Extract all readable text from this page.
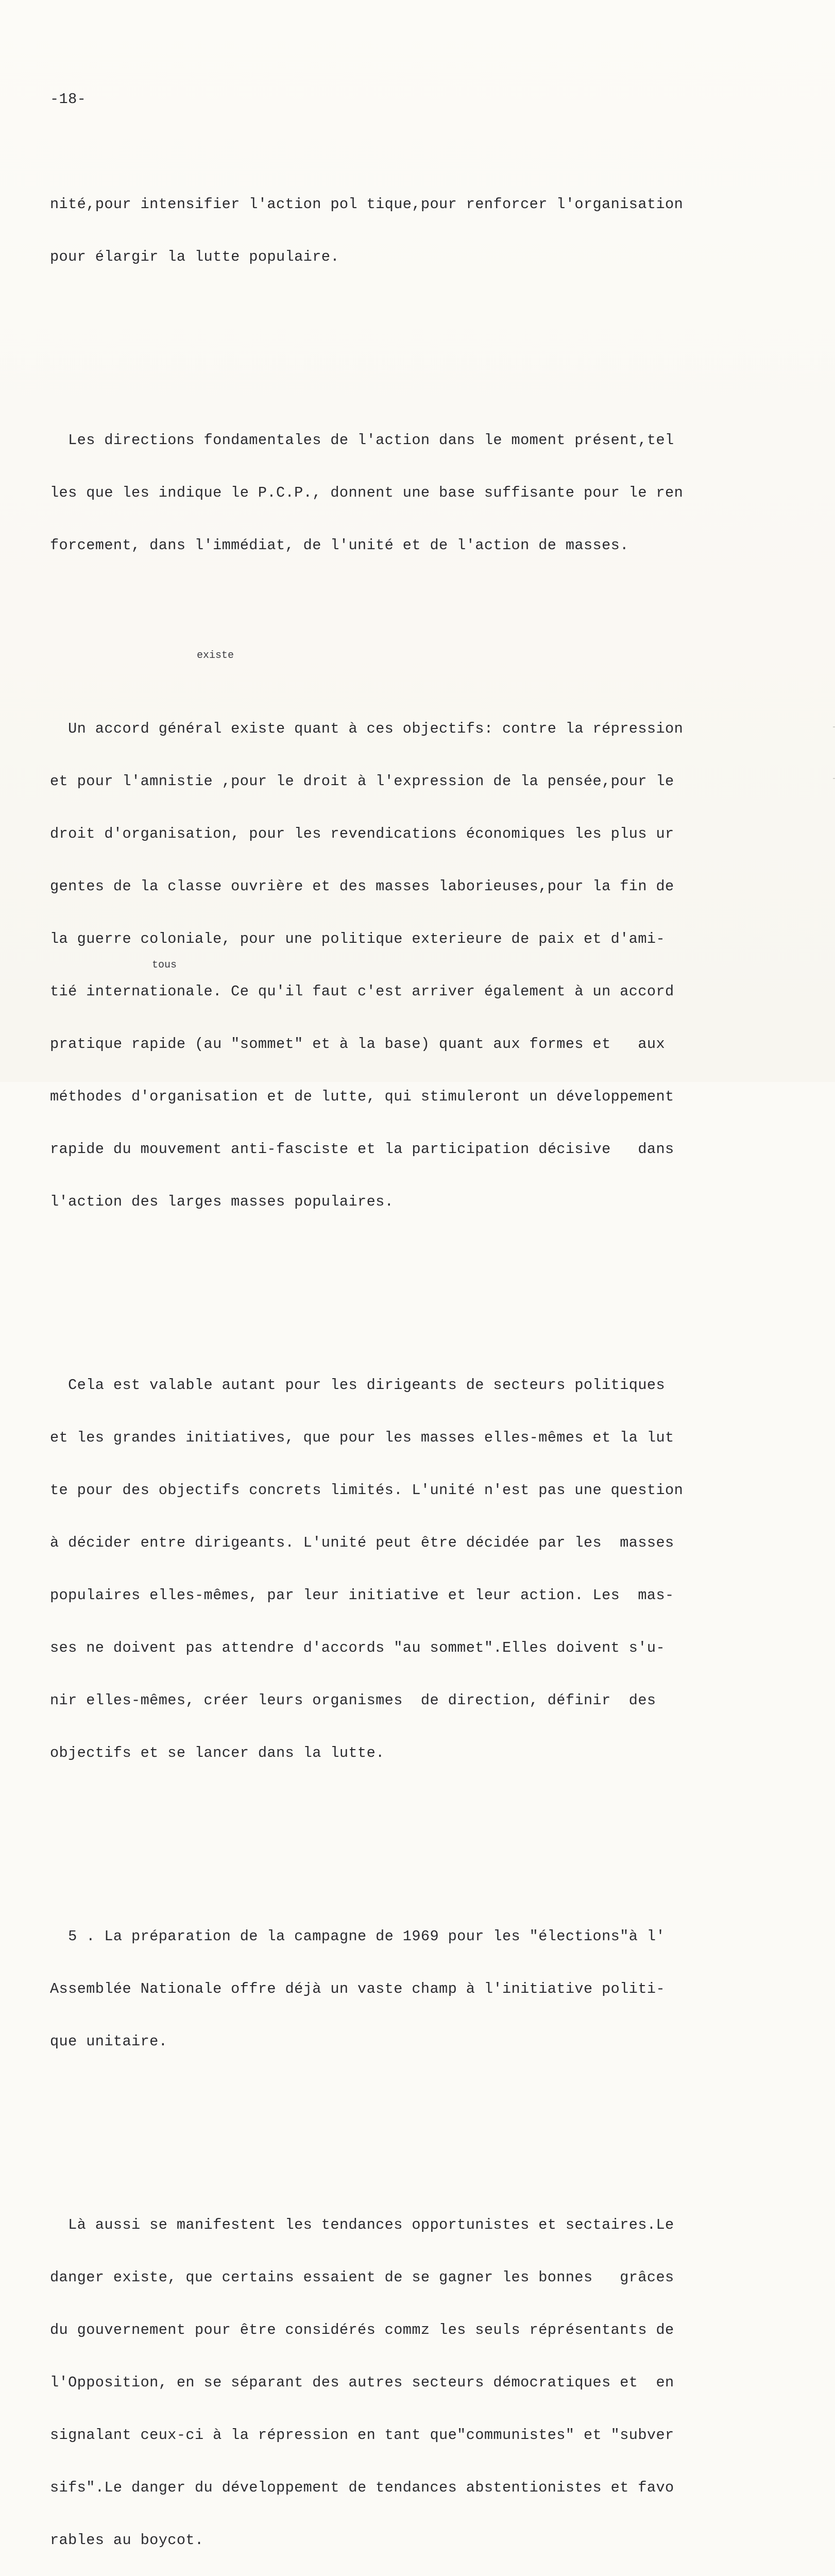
-18-

nité,pour intensifier l'action pol tique,pour renforcer l'organisation

pour élargir la lutte populaire.

Les directions fondamentales de l'action dans le moment présent,tel

les que les indique le P.C.P., donnent une base suffisante pour le ren

forcement, dans l'immédiat, de l'unité et de l'action de masses.

Un accord général existe quant à ces objectifs: contre la répression

et pour l'amnistie ,pour le droit à l'expression de la pensée,pour le

droit d'organisation, pour les revendications économiques les plus ur

gentes de la classe ouvrière et des masses laborieuses,pour la fin de

la guerre coloniale, pour une politique exterieure de paix et d'ami-

tié internationale. Ce qu'il faut c'est arriver également à un accord

pratique rapide (au "sommet" et à la base) quant aux formes et   aux

méthodes d'organisation et de lutte, qui stimuleront un développement

rapide du mouvement anti-fasciste et la participation décisive   dans

l'action des larges masses populaires.

Cela est valable autant pour les dirigeants de secteurs politiques

et les grandes initiatives, que pour les masses elles-mêmes et la lut

te pour des objectifs concrets limités. L'unité n'est pas une question

à décider entre dirigeants. L'unité peut être décidée par les  masses

populaires elles-mêmes, par leur initiative et leur action. Les  mas-

ses ne doivent pas attendre d'accords "au sommet".Elles doivent s'u-

nir elles-mêmes, créer leurs organismes  de direction, définir  des

objectifs et se lancer dans la lutte.

5 . La préparation de la campagne de 1969 pour les "élections"à l'

Assemblée Nationale offre déjà un vaste champ à l'initiative politi-

que unitaire.

Là aussi se manifestent les tendances opportunistes et sectaires.Le

danger existe, que certains essaient de se gagner les bonnes   grâces

du gouvernement pour être considérés commz les seuls réprésentants de

l'Opposition, en se séparant des autres secteurs démocratiques et  en

signalant ceux-ci à la répression en tant que"communistes" et "subver

sifs".Le danger du développement de tendances abstentionistes et favo

rables au boycot.

existe
tous
